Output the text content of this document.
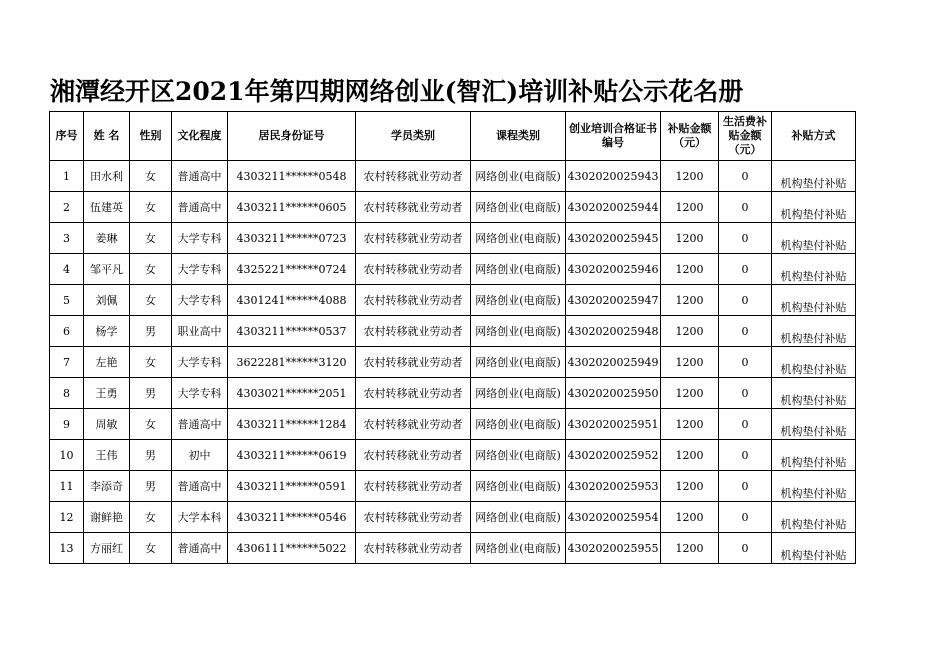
湘潭经开区2021年第四期网络创业(智汇)培训补贴公示花名册
序号	姓 名	性别	文化程度	居民身份证号	学员类别	课程类别	创业培训合格证书编号	补贴金额（元）	生活费补贴金额（元）	补贴方式
1	田水利	女	普通高中	4303211******0548	农村转移就业劳动者	网络创业(电商版)	4302020025943	1200	0	机构垫付补贴
2	伍建英	女	普通高中	4303211******0605	农村转移就业劳动者	网络创业(电商版)	4302020025944	1200	0	机构垫付补贴
3	姜琳	女	大学专科	4303211******0723	农村转移就业劳动者	网络创业(电商版)	4302020025945	1200	0	机构垫付补贴
4	邹平凡	女	大学专科	4325221******0724	农村转移就业劳动者	网络创业(电商版)	4302020025946	1200	0	机构垫付补贴
5	刘佩	女	大学专科	4301241******4088	农村转移就业劳动者	网络创业(电商版)	4302020025947	1200	0	机构垫付补贴
6	杨学	男	职业高中	4303211******0537	农村转移就业劳动者	网络创业(电商版)	4302020025948	1200	0	机构垫付补贴
7	左艳	女	大学专科	3622281******3120	农村转移就业劳动者	网络创业(电商版)	4302020025949	1200	0	机构垫付补贴
8	王勇	男	大学专科	4303021******2051	农村转移就业劳动者	网络创业(电商版)	4302020025950	1200	0	机构垫付补贴
9	周敏	女	普通高中	4303211******1284	农村转移就业劳动者	网络创业(电商版)	4302020025951	1200	0	机构垫付补贴
10	王伟	男	初中	4303211******0619	农村转移就业劳动者	网络创业(电商版)	4302020025952	1200	0	机构垫付补贴
11	李添奇	男	普通高中	4303211******0591	农村转移就业劳动者	网络创业(电商版)	4302020025953	1200	0	机构垫付补贴
12	谢鲜艳	女	大学本科	4303211******0546	农村转移就业劳动者	网络创业(电商版)	4302020025954	1200	0	机构垫付补贴
13	方丽红	女	普通高中	4306111******5022	农村转移就业劳动者	网络创业(电商版)	4302020025955	1200	0	机构垫付补贴
